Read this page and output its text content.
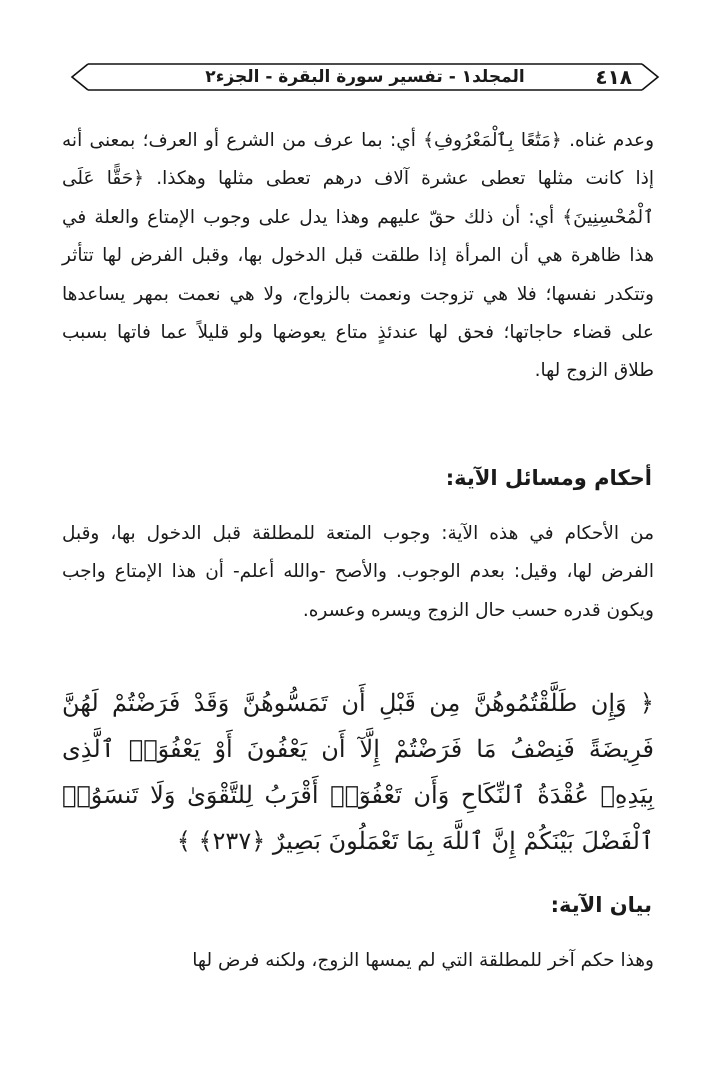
٤١٨
المجلد١ - تفسير سورة البقرة - الجزء٢

وعدم غناه. ﴿مَتَٰعًا بِٱلْمَعْرُوفِ﴾ أي: بما عرف من الشرع أو العرف؛ بمعنى أنه إذا كانت مثلها تعطى عشرة آلاف درهم تعطى مثلها وهكذا. ﴿حَقًّا عَلَى ٱلْمُحْسِنِينَ﴾ أي: أن ذلك حقّ عليهم وهذا يدل على وجوب الإمتاع والعلة في هذا ظاهرة هي أن المرأة إذا طلقت قبل الدخول بها، وقبل الفرض لها تتأثر وتتكدر نفسها؛ فلا هي تزوجت ونعمت بالزواج، ولا هي نعمت بمهر يساعدها على قضاء حاجاتها؛ فحق لها عندئذٍ متاع يعوضها ولو قليلاً عما فاتها بسبب طلاق الزوج لها.

أحكام ومسائل الآية:

من الأحكام في هذه الآية: وجوب المتعة للمطلقة قبل الدخول بها، وقبل الفرض لها، وقيل: بعدم الوجوب. والأصح -والله أعلم- أن هذا الإمتاع واجب ويكون قدره حسب حال الزوج ويسره وعسره.

﴿ وَإِن طَلَّقْتُمُوهُنَّ مِن قَبْلِ أَن تَمَسُّوهُنَّ وَقَدْ فَرَضْتُمْ لَهُنَّ فَرِيضَةً فَنِصْفُ مَا فَرَضْتُمْ إِلَّآ أَن يَعْفُونَ أَوْ يَعْفُوَا۟ ٱلَّذِى بِيَدِهِۦ عُقْدَةُ ٱلنِّكَاحِ وَأَن تَعْفُوٓا۟ أَقْرَبُ لِلتَّقْوَىٰ وَلَا تَنسَوُا۟ ٱلْفَضْلَ بَيْنَكُمْ إِنَّ ٱللَّهَ بِمَا تَعْمَلُونَ بَصِيرٌ ﴿٢٣٧﴾ ﴾

بيان الآية:

وهذا حكم آخر للمطلقة التي لم يمسها الزوج، ولكنه فرض لها
